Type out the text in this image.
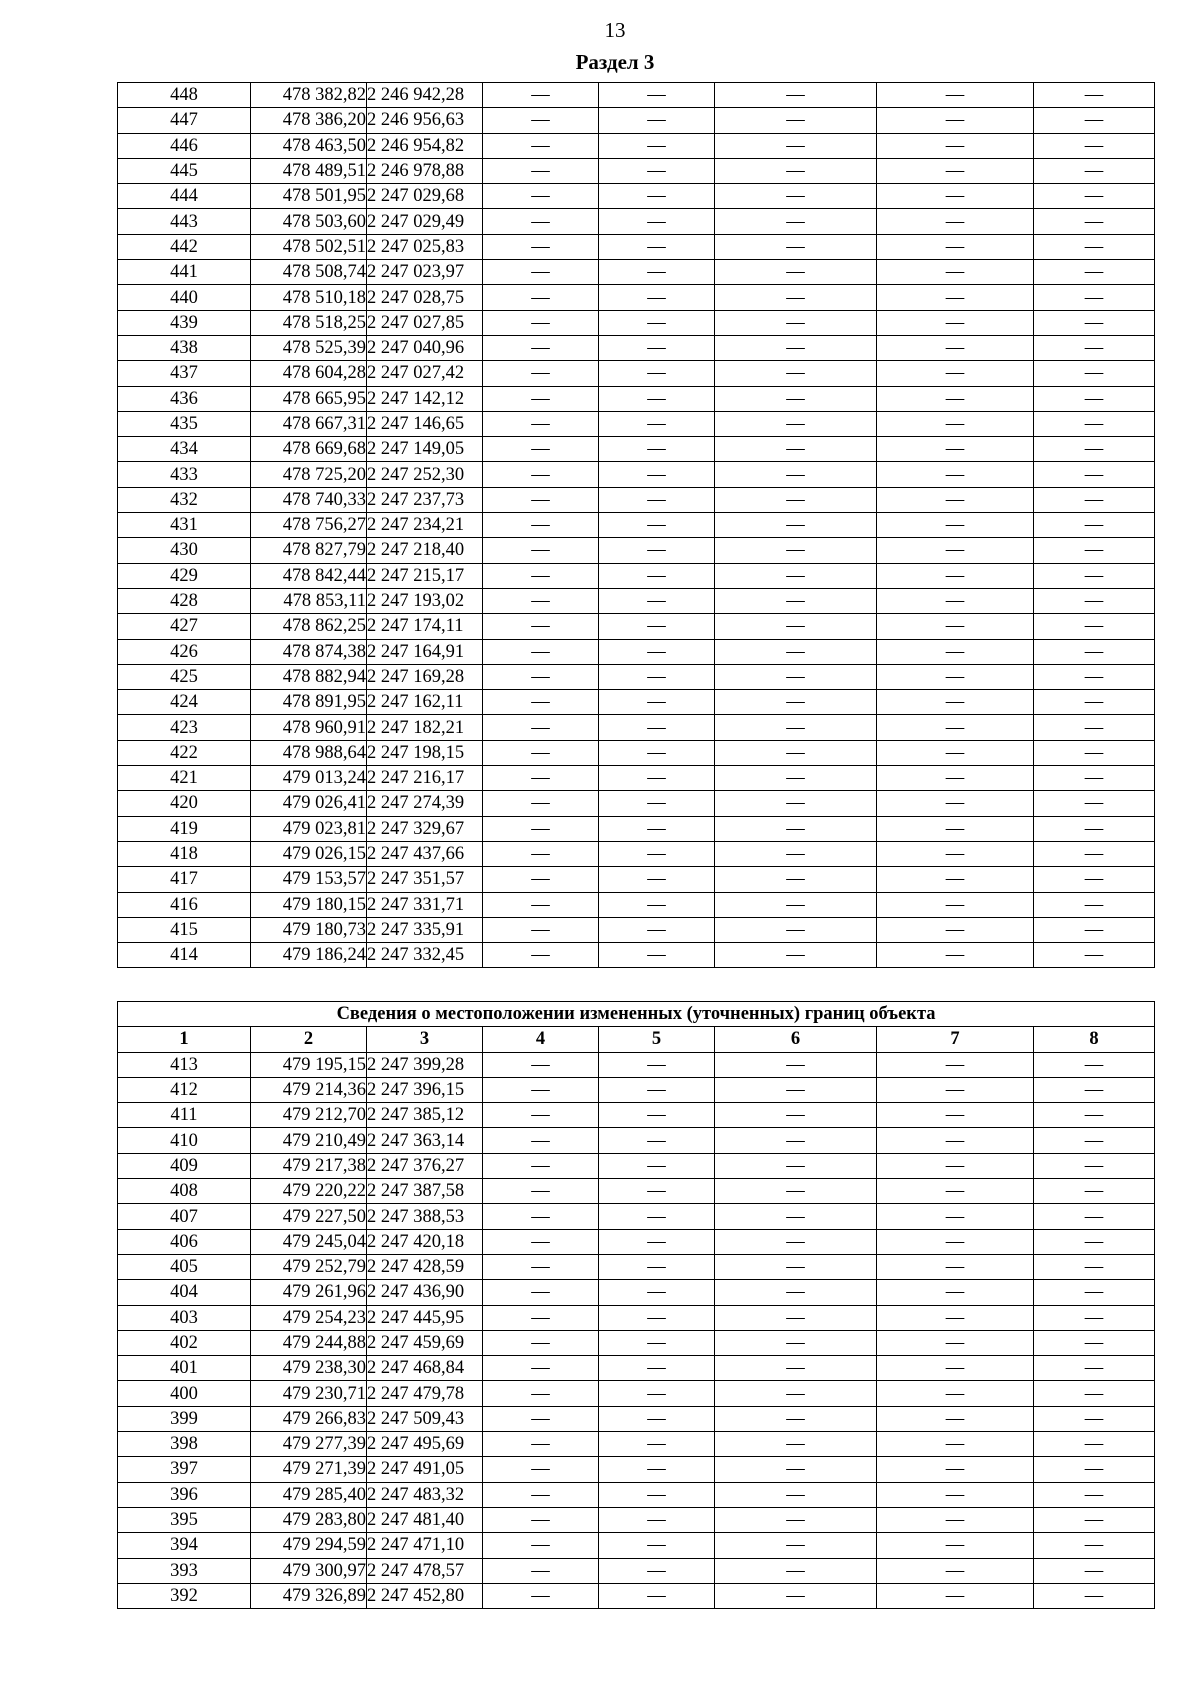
13
Раздел 3
448	478 382,82	2 246 942,28	—	—	—	—	—
447	478 386,20	2 246 956,63	—	—	—	—	—
446	478 463,50	2 246 954,82	—	—	—	—	—
445	478 489,51	2 246 978,88	—	—	—	—	—
444	478 501,95	2 247 029,68	—	—	—	—	—
443	478 503,60	2 247 029,49	—	—	—	—	—
442	478 502,51	2 247 025,83	—	—	—	—	—
441	478 508,74	2 247 023,97	—	—	—	—	—
440	478 510,18	2 247 028,75	—	—	—	—	—
439	478 518,25	2 247 027,85	—	—	—	—	—
438	478 525,39	2 247 040,96	—	—	—	—	—
437	478 604,28	2 247 027,42	—	—	—	—	—
436	478 665,95	2 247 142,12	—	—	—	—	—
435	478 667,31	2 247 146,65	—	—	—	—	—
434	478 669,68	2 247 149,05	—	—	—	—	—
433	478 725,20	2 247 252,30	—	—	—	—	—
432	478 740,33	2 247 237,73	—	—	—	—	—
431	478 756,27	2 247 234,21	—	—	—	—	—
430	478 827,79	2 247 218,40	—	—	—	—	—
429	478 842,44	2 247 215,17	—	—	—	—	—
428	478 853,11	2 247 193,02	—	—	—	—	—
427	478 862,25	2 247 174,11	—	—	—	—	—
426	478 874,38	2 247 164,91	—	—	—	—	—
425	478 882,94	2 247 169,28	—	—	—	—	—
424	478 891,95	2 247 162,11	—	—	—	—	—
423	478 960,91	2 247 182,21	—	—	—	—	—
422	478 988,64	2 247 198,15	—	—	—	—	—
421	479 013,24	2 247 216,17	—	—	—	—	—
420	479 026,41	2 247 274,39	—	—	—	—	—
419	479 023,81	2 247 329,67	—	—	—	—	—
418	479 026,15	2 247 437,66	—	—	—	—	—
417	479 153,57	2 247 351,57	—	—	—	—	—
416	479 180,15	2 247 331,71	—	—	—	—	—
415	479 180,73	2 247 335,91	—	—	—	—	—
414	479 186,24	2 247 332,45	—	—	—	—	—
Сведения о местоположении измененных (уточненных) границ объекта							
1	2	3	4	5	6	7	8
413	479 195,15	2 247 399,28	—	—	—	—	—
412	479 214,36	2 247 396,15	—	—	—	—	—
411	479 212,70	2 247 385,12	—	—	—	—	—
410	479 210,49	2 247 363,14	—	—	—	—	—
409	479 217,38	2 247 376,27	—	—	—	—	—
408	479 220,22	2 247 387,58	—	—	—	—	—
407	479 227,50	2 247 388,53	—	—	—	—	—
406	479 245,04	2 247 420,18	—	—	—	—	—
405	479 252,79	2 247 428,59	—	—	—	—	—
404	479 261,96	2 247 436,90	—	—	—	—	—
403	479 254,23	2 247 445,95	—	—	—	—	—
402	479 244,88	2 247 459,69	—	—	—	—	—
401	479 238,30	2 247 468,84	—	—	—	—	—
400	479 230,71	2 247 479,78	—	—	—	—	—
399	479 266,83	2 247 509,43	—	—	—	—	—
398	479 277,39	2 247 495,69	—	—	—	—	—
397	479 271,39	2 247 491,05	—	—	—	—	—
396	479 285,40	2 247 483,32	—	—	—	—	—
395	479 283,80	2 247 481,40	—	—	—	—	—
394	479 294,59	2 247 471,10	—	—	—	—	—
393	479 300,97	2 247 478,57	—	—	—	—	—
392	479 326,89	2 247 452,80	—	—	—	—	—
